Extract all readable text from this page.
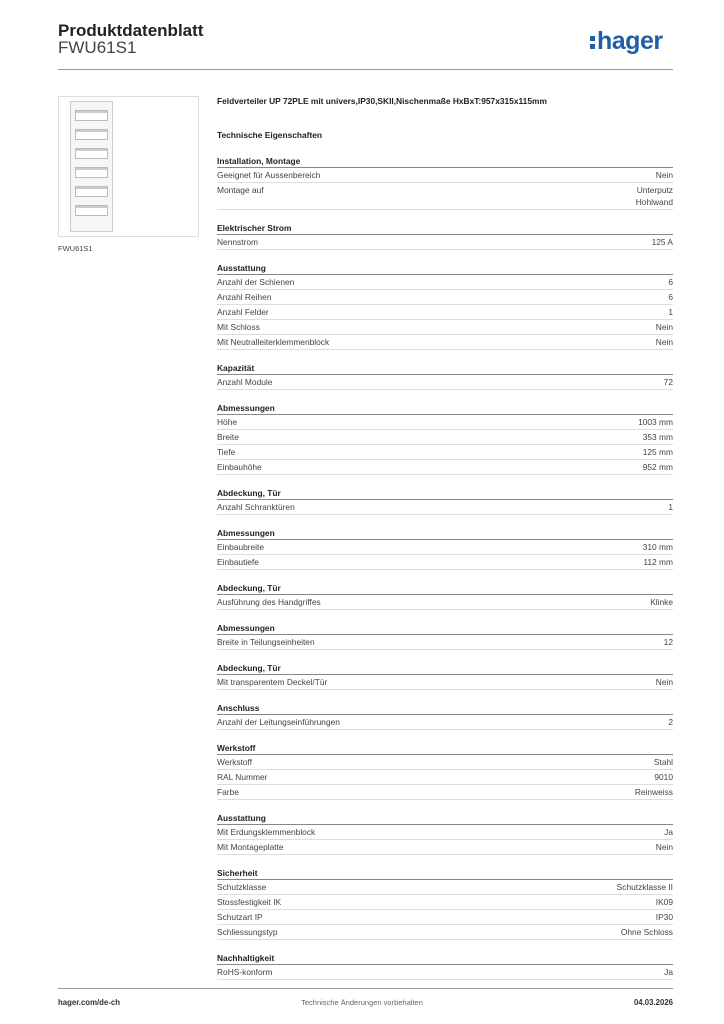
Produktdatenblatt
FWU61S1	hager
FWU61S1
Feldverteiler UP 72PLE mit univers,IP30,SKII,Nischenmaße HxBxT:957x315x115mm
Technische Eigenschaften
Installation, Montage
Geeignet für Aussenbereich	Nein
Montage auf	Unterputz
Hohlwand
Elektrischer Strom
Nennstrom	125 A
Ausstattung
Anzahl der Schienen	6
Anzahl Reihen	6
Anzahl Felder	1
Mit Schloss	Nein
Mit Neutralleiterklemmenblock	Nein
Kapazität
Anzahl Module	72
Abmessungen
Höhe	1003 mm
Breite	353 mm
Tiefe	125 mm
Einbauhöhe	952 mm
Abdeckung, Tür
Anzahl Schranktüren	1
Abmessungen
Einbaubreite	310 mm
Einbautiefe	112 mm
Abdeckung, Tür
Ausführung des Handgriffes	Klinke
Abmessungen
Breite in Teilungseinheiten	12
Abdeckung, Tür
Mit transparentem Deckel/Tür	Nein
Anschluss
Anzahl der Leitungseinführungen	2
Werkstoff
Werkstoff	Stahl
RAL Nummer	9010
Farbe	Reinweiss
Ausstattung
Mit Erdungsklemmenblock	Ja
Mit Montageplatte	Nein
Sicherheit
Schutzklasse	Schutzklasse II
Stossfestigkeit IK	IK09
Schutzart IP	IP30
Schliessungstyp	Ohne Schloss
Nachhaltigkeit
RoHS-konform	Ja
hager.com/de-ch	Technische Änderungen vorbehalten	04.03.2026
